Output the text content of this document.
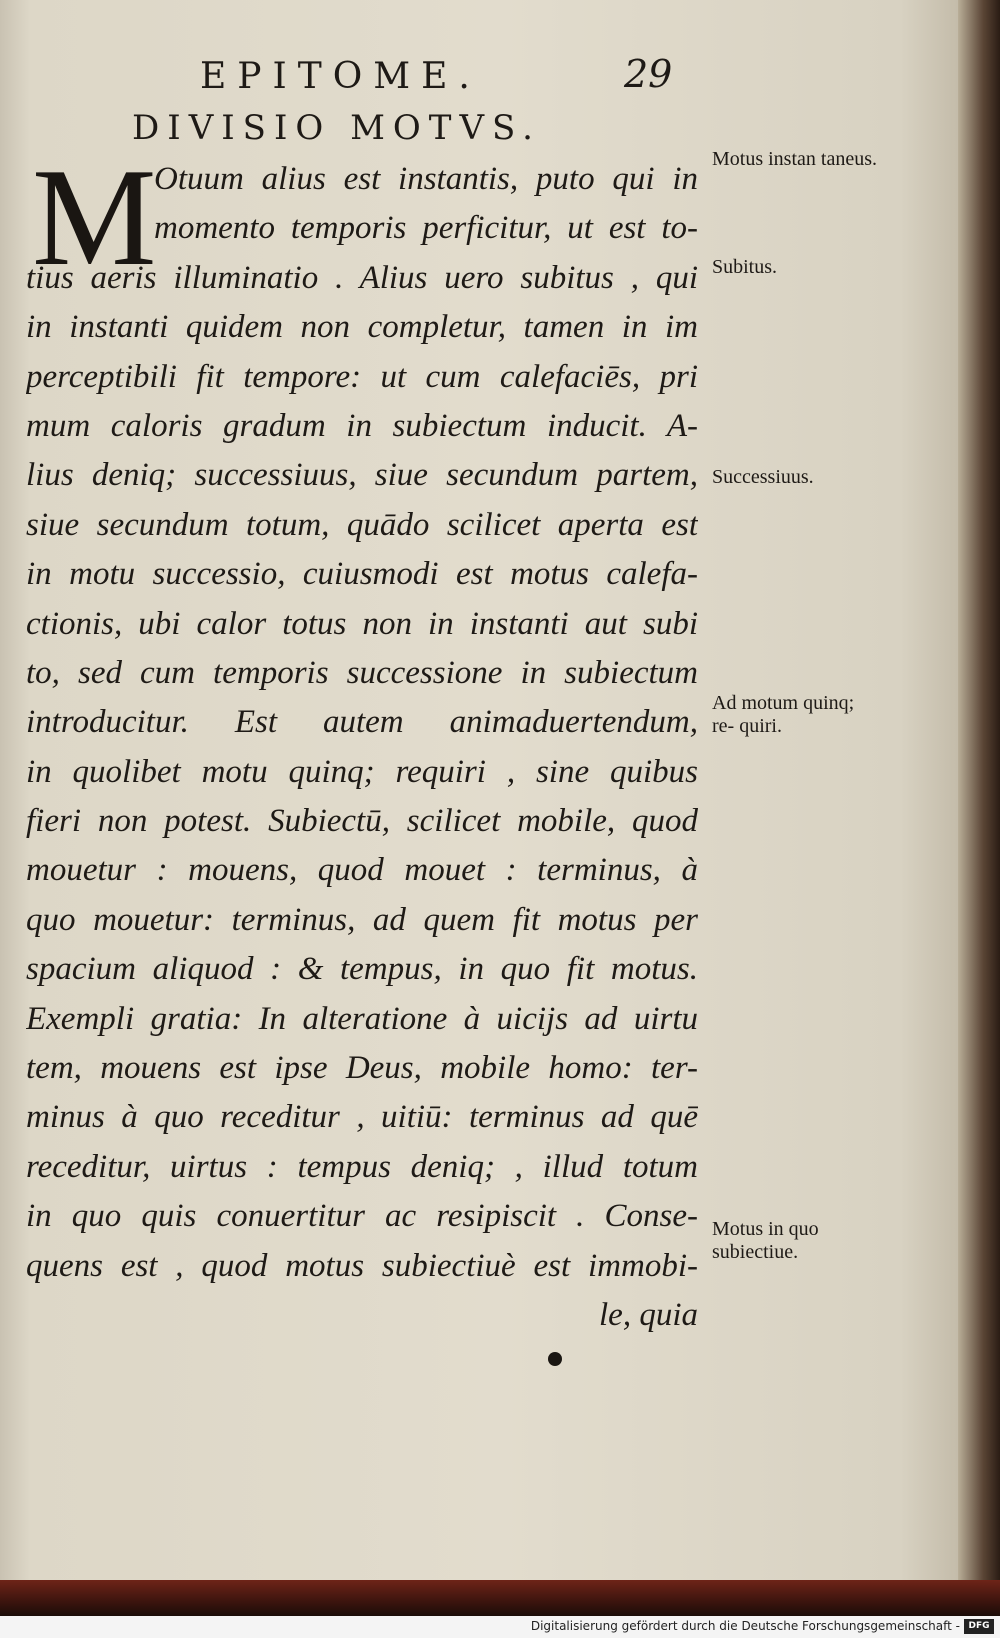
EPITOME.	29
DIVISIO MOTVS.
M
Otuum alius est instantis, puto qui in
momento temporis perficitur, ut est to-
tius aeris illuminatio . Alius uero subitus , qui
in instanti quidem non completur, tamen in im
perceptibili fit tempore: ut cum calefaciēs, pri
mum caloris gradum in subiectum inducit. A-
lius deniq; successiuus, siue secundum partem,
siue secundum totum, quādo scilicet aperta est
in motu successio, cuiusmodi est motus calefa-
ctionis, ubi calor totus non in instanti aut subi
to, sed cum temporis successione in subiectum
introducitur. Est autem animaduertendum,
in quolibet motu quinq; requiri , sine quibus
fieri non potest. Subiectū, scilicet mobile, quod
mouetur : mouens, quod mouet : terminus, à
quo mouetur: terminus, ad quem fit motus per
spacium aliquod : & tempus, in quo fit motus.
Exempli gratia: In alteratione à uicijs ad uirtu
tem, mouens est ipse Deus, mobile homo: ter-
minus à quo receditur , uitiū: terminus ad quē
receditur, uirtus : tempus deniq; , illud totum
in quo quis conuertitur ac resipiscit . Conse-
quens est , quod motus subiectiuè est immobi-
le, quia
Motus instan taneus.
Subitus.
Successiuus.
Ad motum quinq; re- quiri.
Motus in quo subiectiue.
Digitalisierung gefördert durch die Deutsche Forschungsgemeinschaft - DFG
